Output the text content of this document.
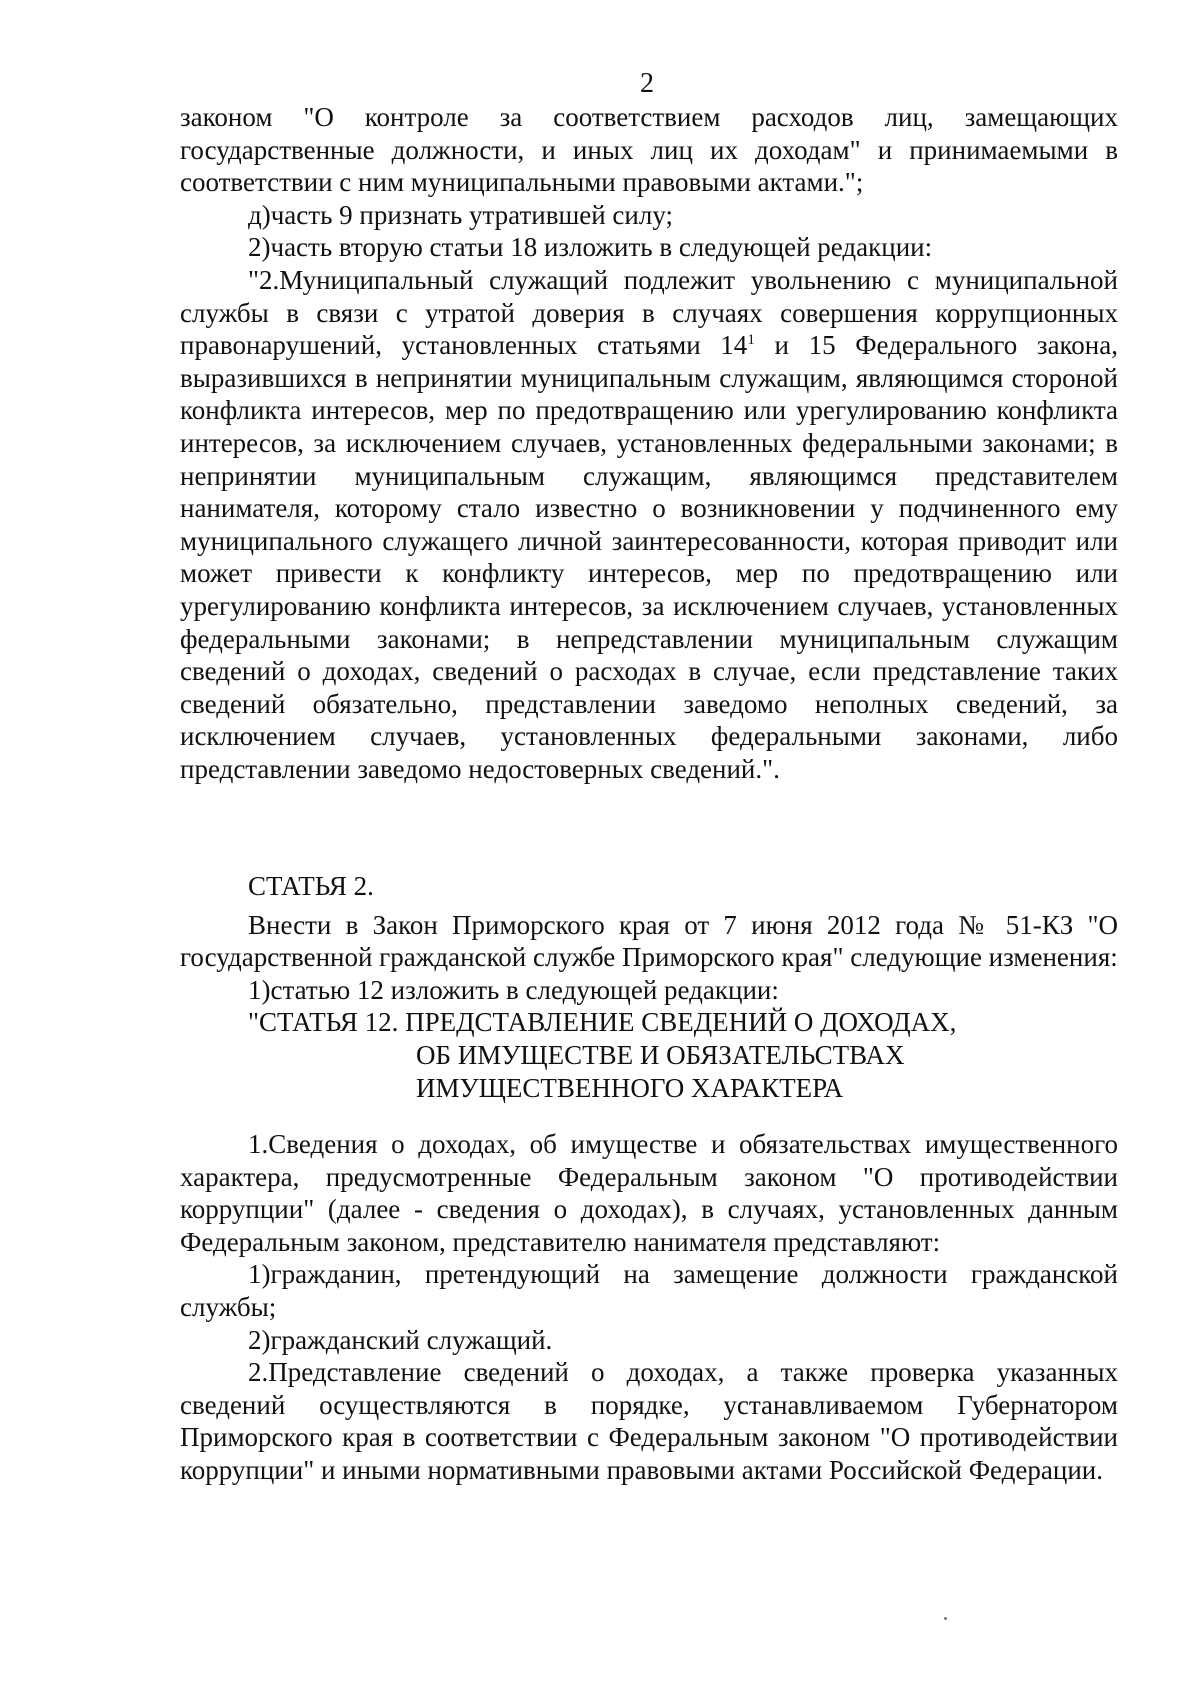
2

законом "О контроле за соответствием расходов лиц, замещающих государственные должности, и иных лиц их доходам" и принимаемыми в соответствии с ним муниципальными правовыми актами.";

д)часть 9 признать утратившей силу;

2)часть вторую статьи 18 изложить в следующей редакции:

"2.Муниципальный служащий подлежит увольнению с муниципальной службы в связи с утратой доверия в случаях совершения коррупционных правонарушений, установленных статьями $14^1$ и 15 Федерального закона, выразившихся в непринятии муниципальным служащим, являющимся стороной конфликта интересов, мер по предотвращению или урегулированию конфликта интересов, за исключением случаев, установленных федеральными законами; в непринятии муниципальным служащим, являющимся представителем нанимателя, которому стало известно о возникновении у подчиненного ему муниципального служащего личной заинтересованности, которая приводит или может привести к конфликту интересов, мер по предотвращению или урегулированию конфликта интересов, за исключением случаев, установленных федеральными законами; в непредставлении муниципальным служащим сведений о доходах, сведений о расходах в случае, если представление таких сведений обязательно, представлении заведомо неполных сведений, за исключением случаев, установленных федеральными законами, либо представлении заведомо недостоверных сведений.".

СТАТЬЯ 2.

Внести в Закон Приморского края от 7 июня 2012 года № 51-КЗ "О государственной гражданской службе Приморского края" следующие изменения:

1)статью 12 изложить в следующей редакции:

"СТАТЬЯ 12. ПРЕДСТАВЛЕНИЕ СВЕДЕНИЙ О ДОХОДАХ,
ОБ ИМУЩЕСТВЕ И ОБЯЗАТЕЛЬСТВАХ
ИМУЩЕСТВЕННОГО ХАРАКТЕРА

1.Сведения о доходах, об имуществе и обязательствах имущественного характера, предусмотренные Федеральным законом "О противодействии коррупции" (далее - сведения о доходах), в случаях, установленных данным Федеральным законом, представителю нанимателя представляют:

1)гражданин, претендующий на замещение должности гражданской службы;

2)гражданский служащий.

2.Представление сведений о доходах, а также проверка указанных сведений осуществляются в порядке, устанавливаемом Губернатором Приморского края в соответствии с Федеральным законом "О противодействии коррупции" и иными нормативными правовыми актами Российской Федерации.
